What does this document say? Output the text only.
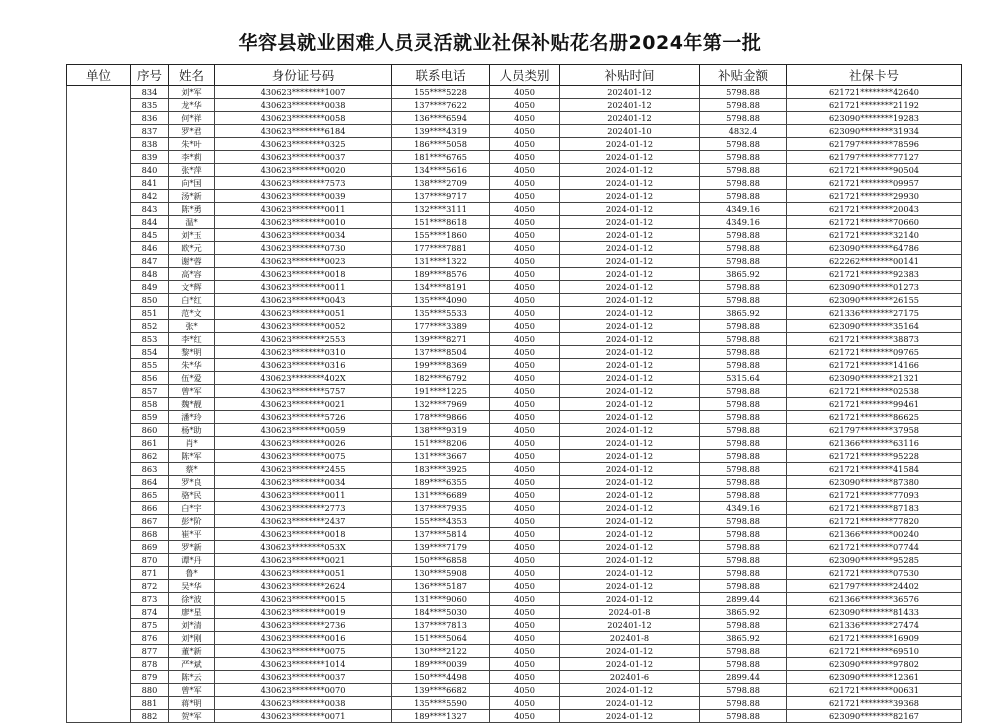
华容县就业困难人员灵活就业社保补贴花名册2024年第一批
单位	序号	姓名	身份证号码	联系电话	人员类别	补贴时间	补贴金额	社保卡号
	834	刘*军	430623********1007	155****5228	4050	202401-12	5798.88	621721********42640
	835	龙*华	430623********0038	137****7622	4050	202401-12	5798.88	621721********21192
	836	何*祥	430623********0058	136****6594	4050	202401-12	5798.88	623090********19283
	837	罗*君	430623********6184	139****4319	4050	202401-10	4832.4	623090********31934
	838	朱*叶	430623********0325	186****5058	4050	2024-01-12	5798.88	621797********78596
	839	李*莉	430623********0037	181****6765	4050	2024-01-12	5798.88	621797********77127
	840	张*萍	430623********0020	134****5616	4050	2024-01-12	5798.88	621721********90504
	841	向*国	430623********7573	138****2709	4050	2024-01-12	5798.88	621721********09957
	842	汤*新	430623********0039	137****9717	4050	2024-01-12	5798.88	621721********29930
	843	陈*勇	430623********0011	132****3111	4050	2024-01-12	4349.16	621721********20043
	844	温*	430623********0010	151****8618	4050	2024-01-12	4349.16	621721********70660
	845	刘*玉	430623********0034	155****1860	4050	2024-01-12	5798.88	621721********32140
	846	欧*元	430623********0730	177****7881	4050	2024-01-12	5798.88	623090********64786
	847	谢*蓉	430623********0023	131****1322	4050	2024-01-12	5798.88	622262********00141
	848	高*容	430623********0018	189****8576	4050	2024-01-12	3865.92	621721********92383
	849	文*辉	430623********0011	134****8191	4050	2024-01-12	5798.88	623090********01273
	850	白*红	430623********0043	135****4090	4050	2024-01-12	5798.88	623090********26155
	851	范*文	430623********0051	135****5533	4050	2024-01-12	3865.92	621336********27175
	852	张*	430623********0052	177****3389	4050	2024-01-12	5798.88	623090********35164
	853	李*红	430623********2553	139****8271	4050	2024-01-12	5798.88	621721********38873
	854	黎*明	430623********0310	137****8504	4050	2024-01-12	5798.88	621721********09765
	855	朱*华	430623********0316	199****8369	4050	2024-01-12	5798.88	621721********14166
	856	伍*爱	430623********402X	182****6792	4050	2024-01-12	5315.64	623090********21321
	857	曾*军	430623********5757	191****1225	4050	2024-01-12	5798.88	621721********02538
	858	魏*靓	430623********0021	132****7969	4050	2024-01-12	5798.88	621721********99461
	859	潘*玲	430623********5726	178****9866	4050	2024-01-12	5798.88	621721********86625
	860	杨*助	430623********0059	138****9319	4050	2024-01-12	5798.88	621797********37958
	861	肖*	430623********0026	151****8206	4050	2024-01-12	5798.88	621366********63116
	862	陈*军	430623********0075	131****3667	4050	2024-01-12	5798.88	621721********95228
	863	蔡*	430623********2455	183****3925	4050	2024-01-12	5798.88	621721********41584
	864	罗*良	430623********0034	189****6355	4050	2024-01-12	5798.88	623090********87380
	865	骆*民	430623********0011	131****6689	4050	2024-01-12	5798.88	621721********77093
	866	白*宇	430623********2773	137****7935	4050	2024-01-12	4349.16	621721********87183
	867	彭*阶	430623********2437	155****4353	4050	2024-01-12	5798.88	621721********77820
	868	崔*平	430623********0018	137****5814	4050	2024-01-12	5798.88	621366********00240
	869	罗*新	430623********053X	139****7179	4050	2024-01-12	5798.88	621721********07744
	870	谭*丹	430623********0021	150****6858	4050	2024-01-12	5798.88	623090********95285
	871	鲁*	430623********0051	130****5908	4050	2024-01-12	5798.88	621721********07530
	872	吴*华	430623********2624	136****5187	4050	2024-01-12	5798.88	621797********24402
	873	徐*波	430623********0015	131****9060	4050	2024-01-12	2899.44	621366********36576
	874	廖*星	430623********0019	184****5030	4050	2024-01-8	3865.92	623090********81433
	875	刘*清	430623********2736	137****7813	4050	202401-12	5798.88	621336********27474
	876	刘*刚	430623********0016	151****5064	4050	202401-8	3865.92	621721********16909
	877	董*新	430623********0075	130****2122	4050	2024-01-12	5798.88	621721********69510
	878	严*斌	430623********1014	189****0039	4050	2024-01-12	5798.88	623090********97802
	879	陈*云	430623********0037	150****4498	4050	202401-6	2899.44	623090********12361
	880	曾*军	430623********0070	139****6682	4050	2024-01-12	5798.88	621721********00631
	881	蒋*明	430623********0038	135****5590	4050	2024-01-12	5798.88	621721********39368
	882	贺*军	430623********0071	189****1327	4050	2024-01-12	5798.88	623090********82167
